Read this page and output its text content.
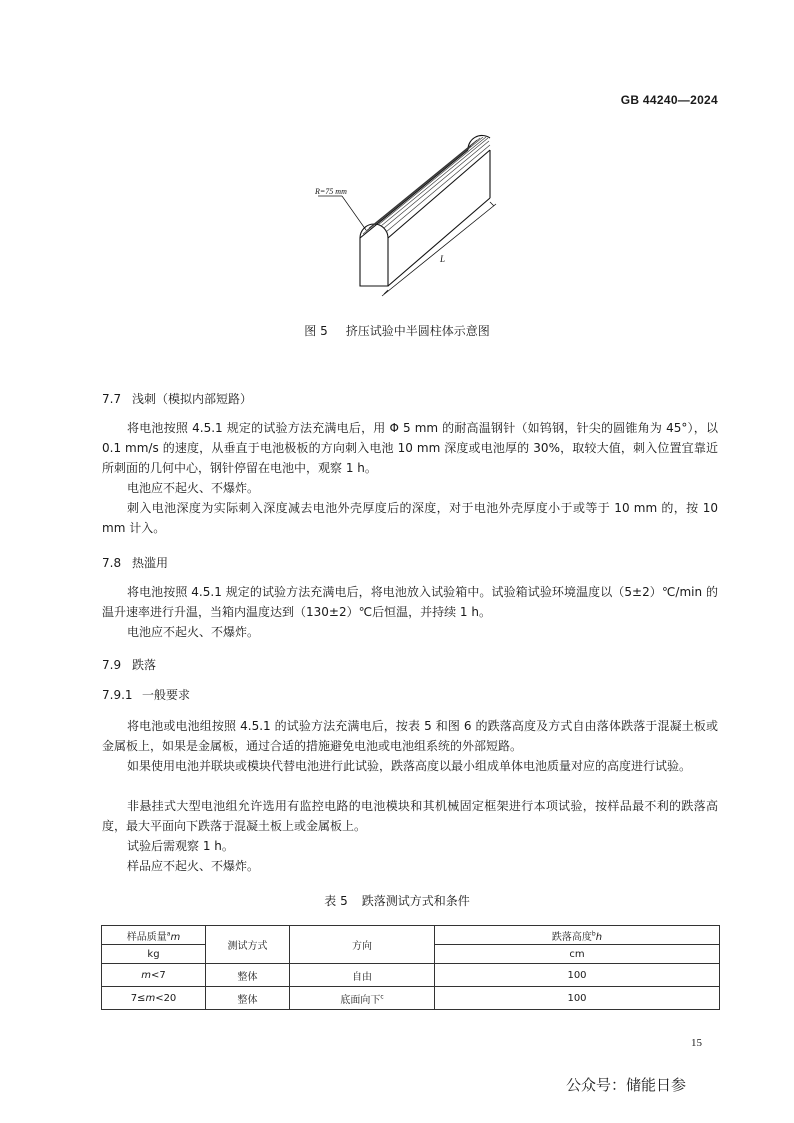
GB 44240—2024
R=75 mm
L
图 5 挤压试验中半圆柱体示意图
7.7 浅刺（模拟内部短路）
将电池按照 4.5.1 规定的试验方法充满电后，用 Φ 5 mm 的耐高温钢针（如钨钢，针尖的圆锥角为 45°），以 0.1 mm/s 的速度，从垂直于电池极板的方向刺入电池 10 mm 深度或电池厚的 30%，取较大值，刺入位置宜靠近所刺面的几何中心，钢针停留在电池中，观察 1 h。
电池应不起火、不爆炸。
刺入电池深度为实际刺入深度减去电池外壳厚度后的深度，对于电池外壳厚度小于或等于 10 mm 的，按 10 mm 计入。
7.8 热滥用
将电池按照 4.5.1 规定的试验方法充满电后，将电池放入试验箱中。试验箱试验环境温度以（5±2）℃/min 的温升速率进行升温，当箱内温度达到（130±2）℃后恒温，并持续 1 h。
电池应不起火、不爆炸。
7.9 跌落
7.9.1 一般要求
将电池或电池组按照 4.5.1 的试验方法充满电后，按表 5 和图 6 的跌落高度及方式自由落体跌落于混凝土板或金属板上，如果是金属板，通过合适的措施避免电池或电池组系统的外部短路。
如果使用电池并联块或模块代替电池进行此试验，跌落高度以最小组成单体电池质量对应的高度进行试验。
非悬挂式大型电池组允许选用有监控电路的电池模块和其机械固定框架进行本项试验，按样品最不利的跌落高度，最大平面向下跌落于混凝土板上或金属板上。
试验后需观察 1 h。
样品应不起火、不爆炸。
表 5 跌落测试方式和条件
样品质量$^a$m	测试方式	方向	跌落高度$^b$h
kg			cm
m<7	整体	自由	100
7≤m<20	整体	底面向下$^c$	100
15
公众号：储能日参
